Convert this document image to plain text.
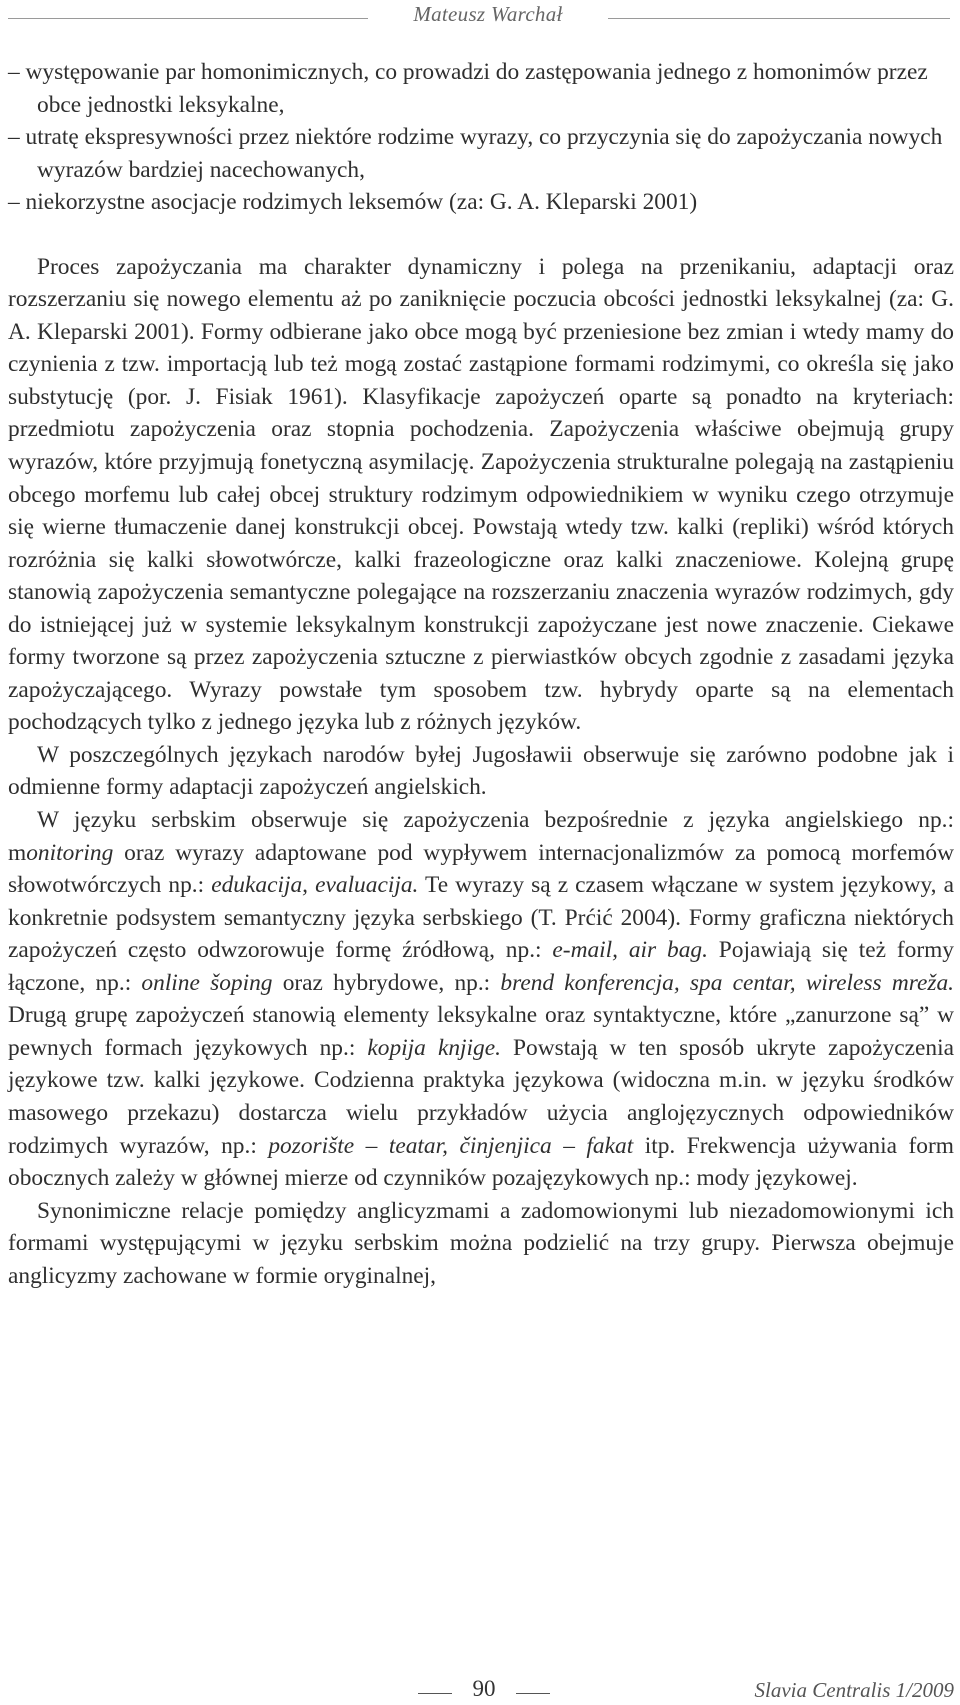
Mateusz Warchał

– występowanie par homonimicznych, co prowadzi do zastępowania jednego z homonimów przez obce jednostki leksykalne,

– utratę ekspresywności przez niektóre rodzime wyrazy, co przyczynia się do zapożyczania nowych wyrazów bardziej nacechowanych,

– niekorzystne asocjacje rodzimych leksemów (za: G. A. Kleparski 2001)

Proces zapożyczania ma charakter dynamiczny i polega na przenikaniu, adaptacji oraz rozszerzaniu się nowego elementu aż po zaniknięcie poczucia obcości jednostki leksykalnej (za: G. A. Kleparski 2001). Formy odbierane jako obce mogą być przeniesione bez zmian i wtedy mamy do czynienia z tzw. importacją lub też mogą zostać zastąpione formami rodzimymi, co określa się jako substytucję (por. J. Fisiak 1961). Klasyfikacje zapożyczeń oparte są ponadto na kryteriach: przedmiotu zapożyczenia oraz stopnia pochodzenia. Zapożyczenia właściwe obejmują grupy wyrazów, które przyjmują fonetyczną asymilację. Zapożyczenia strukturalne polegają na zastąpieniu obcego morfemu lub całej obcej struktury rodzimym odpowiednikiem w wyniku czego otrzymuje się wierne tłumaczenie danej konstrukcji obcej. Powstają wtedy tzw. kalki (repliki) wśród których rozróżnia się kalki słowotwórcze, kalki frazeologiczne oraz kalki znaczeniowe. Kolejną grupę stanowią zapożyczenia semantyczne polegające na rozszerzaniu znaczenia wyrazów rodzimych, gdy do istniejącej już w systemie leksykalnym konstrukcji zapożyczane jest nowe znaczenie. Ciekawe formy tworzone są przez zapożyczenia sztuczne z pierwiastków obcych zgodnie z zasadami języka zapożyczającego. Wyrazy powstałe tym sposobem tzw. hybrydy oparte są na elementach pochodzących tylko z jednego języka lub z różnych języków.

W poszczególnych językach narodów byłej Jugosławii obserwuje się zarówno podobne jak i odmienne formy adaptacji zapożyczeń angielskich.

W języku serbskim obserwuje się zapożyczenia bezpośrednie z języka angielskiego np.: monitoring oraz wyrazy adaptowane pod wypływem internacjonalizmów za pomocą morfemów słowotwórczych np.: edukacija, evaluacija. Te wyrazy są z czasem włączane w system językowy, a konkretnie podsystem semantyczny języka serbskiego (T. Prćić 2004). Formy graficzna niektórych zapożyczeń często odwzorowuje formę źródłową, np.: e-mail, air bag. Pojawiają się też formy łączone, np.: online šoping oraz hybrydowe, np.: brend konferencja, spa centar, wireless mreža. Drugą grupę zapożyczeń stanowią elementy leksykalne oraz syntaktyczne, które „zanurzone są” w pewnych formach językowych np.: kopija knjige. Powstają w ten sposób ukryte zapożyczenia językowe tzw. kalki językowe. Codzienna praktyka językowa (widoczna m.in. w języku środków masowego przekazu) dostarcza wielu przykładów użycia anglojęzycznych odpowiedników rodzimych wyrazów, np.: pozorište – teatar, činjenjica – fakat itp. Frekwencja używania form obocznych zależy w głównej mierze od czynników pozajęzykowych np.: mody językowej.

Synonimiczne relacje pomiędzy anglicyzmami a zadomowionymi lub niezadomowionymi ich formami występującymi w języku serbskim można podzielić na trzy grupy. Pierwsza obejmuje anglicyzmy zachowane w formie oryginalnej,

90	Slavia Centralis 1/2009
